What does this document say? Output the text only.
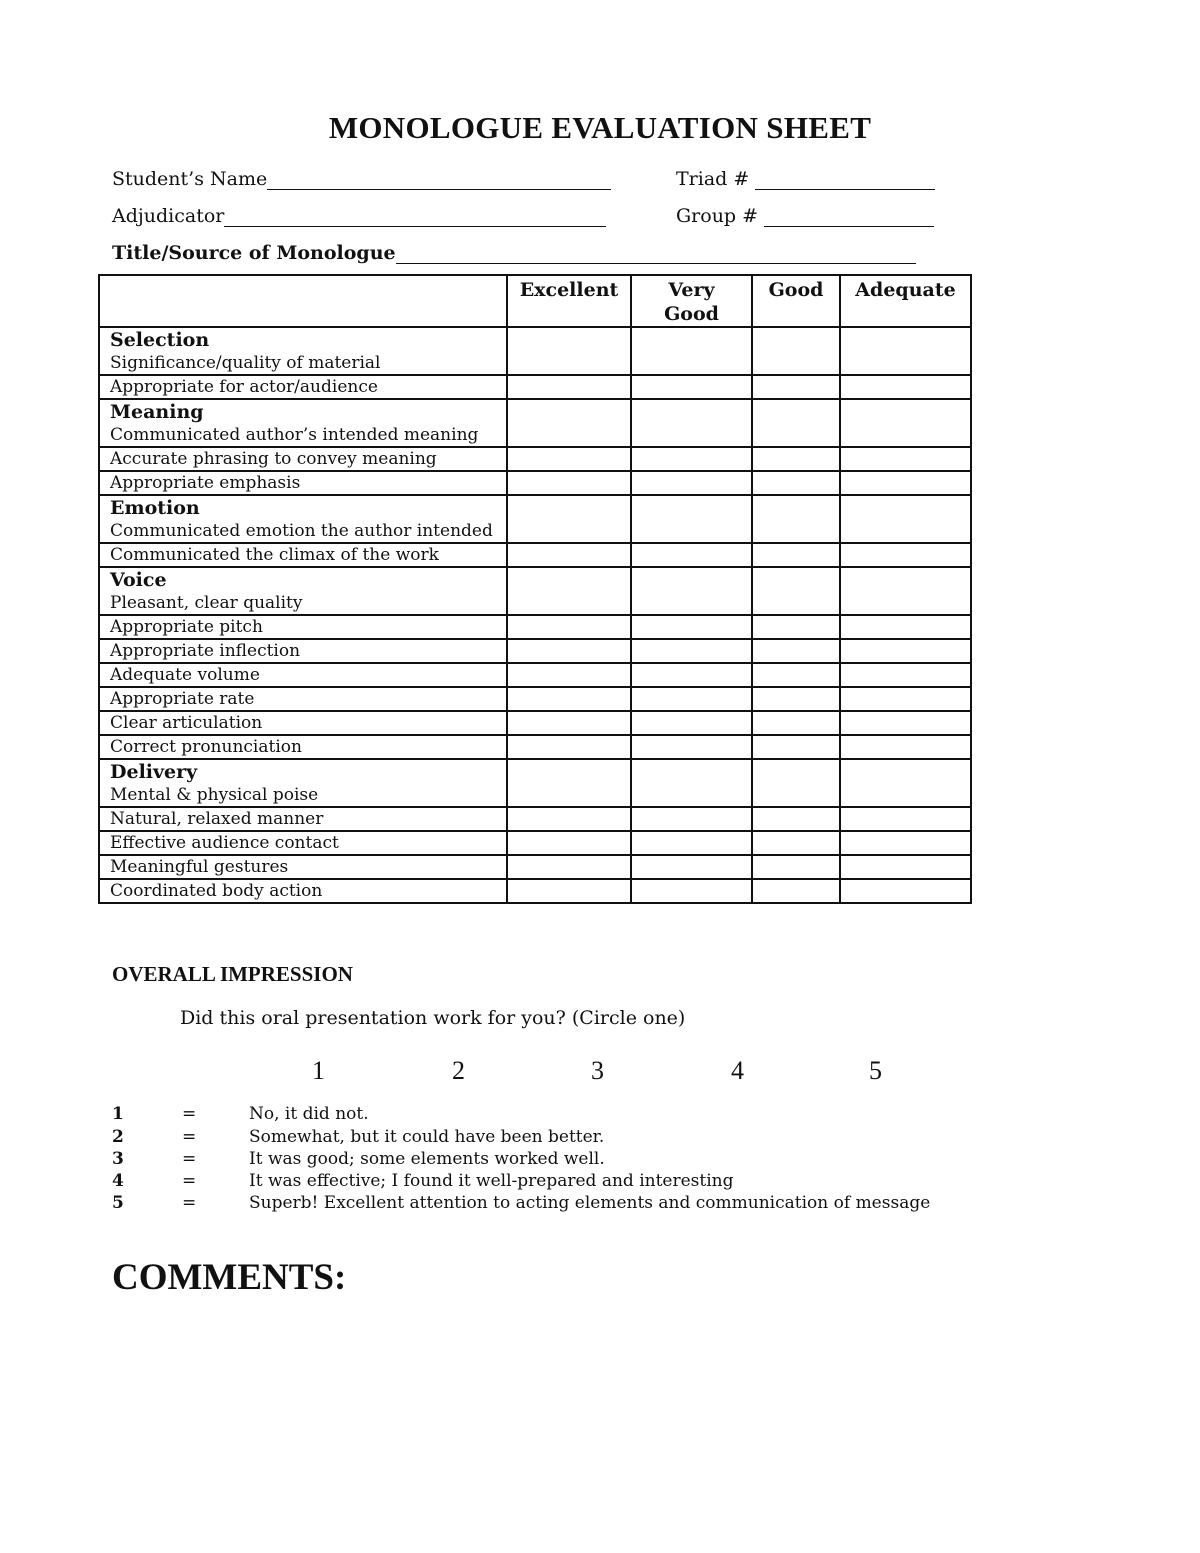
MONOLOGUE EVALUATION SHEET
Student’s Name	Triad #
Adjudicator	Group #
Title/Source of Monologue
	Excellent	Very Good	Good	Adequate

Selection
Significance/quality of material				
Appropriate for actor/audience				

Meaning
Communicated author’s intended meaning				
Accurate phrasing to convey meaning				
Appropriate emphasis				

Emotion
Communicated emotion the author intended				
Communicated the climax of the work				

Voice
Pleasant, clear quality				
Appropriate pitch				
Appropriate inflection				
Adequate volume				
Appropriate rate				
Clear articulation				
Correct pronunciation				

Delivery
Mental & physical poise				
Natural, relaxed manner				
Effective audience contact				
Meaningful gestures				
Coordinated body action				
OVERALL IMPRESSION
Did this oral presentation work for you? (Circle one)
1	2	3	4	5
1	=	No, it did not.
2	=	Somewhat, but it could have been better.
3	=	It was good; some elements worked well.
4	=	It was effective; I found it well-prepared and interesting
5	=	Superb! Excellent attention to acting elements and communication of message
COMMENTS:
